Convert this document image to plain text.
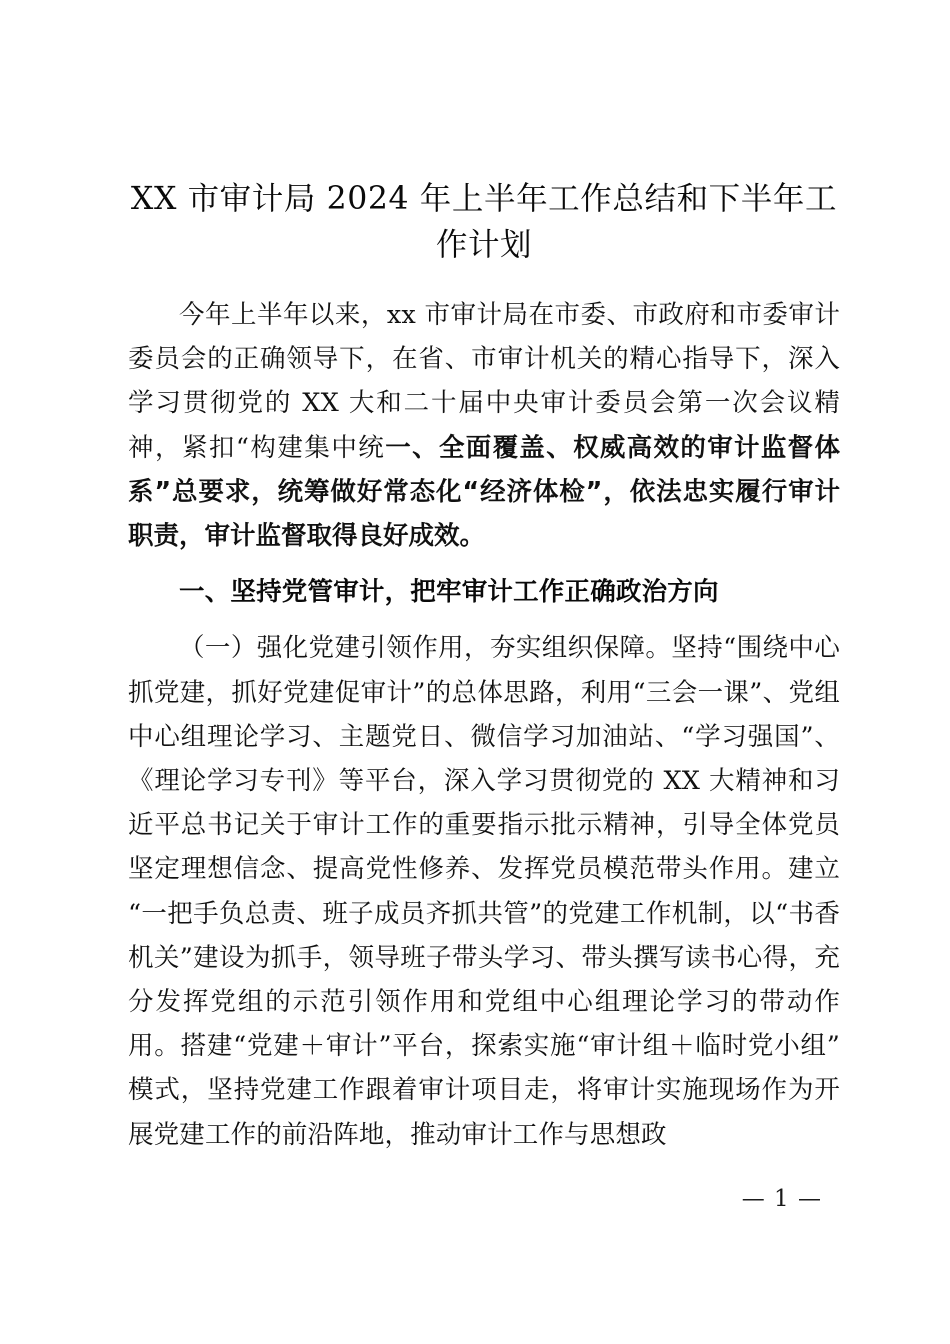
XX 市审计局 2024 年上半年工作总结和下半年工作计划

今年上半年以来，xx 市审计局在市委、市政府和市委审计委员会的正确领导下，在省、市审计机关的精心指导下，深入学习贯彻党的 XX 大和二十届中央审计委员会第一次会议精神，紧扣“构建集中统一、全面覆盖、权威高效的审计监督体系”总要求，统筹做好常态化“经济体检”，依法忠实履行审计职责，审计监督取得良好成效。

一、坚持党管审计，把牢审计工作正确政治方向

（一）强化党建引领作用，夯实组织保障。坚持“围绕中心抓党建，抓好党建促审计”的总体思路，利用“三会一课”、党组中心组理论学习、主题党日、微信学习加油站、“学习强国”、《理论学习专刊》等平台，深入学习贯彻党的 XX 大精神和习近平总书记关于审计工作的重要指示批示精神，引导全体党员坚定理想信念、提高党性修养、发挥党员模范带头作用。建立“一把手负总责、班子成员齐抓共管”的党建工作机制，以“书香机关”建设为抓手，领导班子带头学习、带头撰写读书心得，充分发挥党组的示范引领作用和党组中心组理论学习的带动作用。搭建“党建＋审计”平台，探索实施“审计组＋临时党小组”模式，坚持党建工作跟着审计项目走，将审计实施现场作为开展党建工作的前沿阵地，推动审计工作与思想政

— 1 —
